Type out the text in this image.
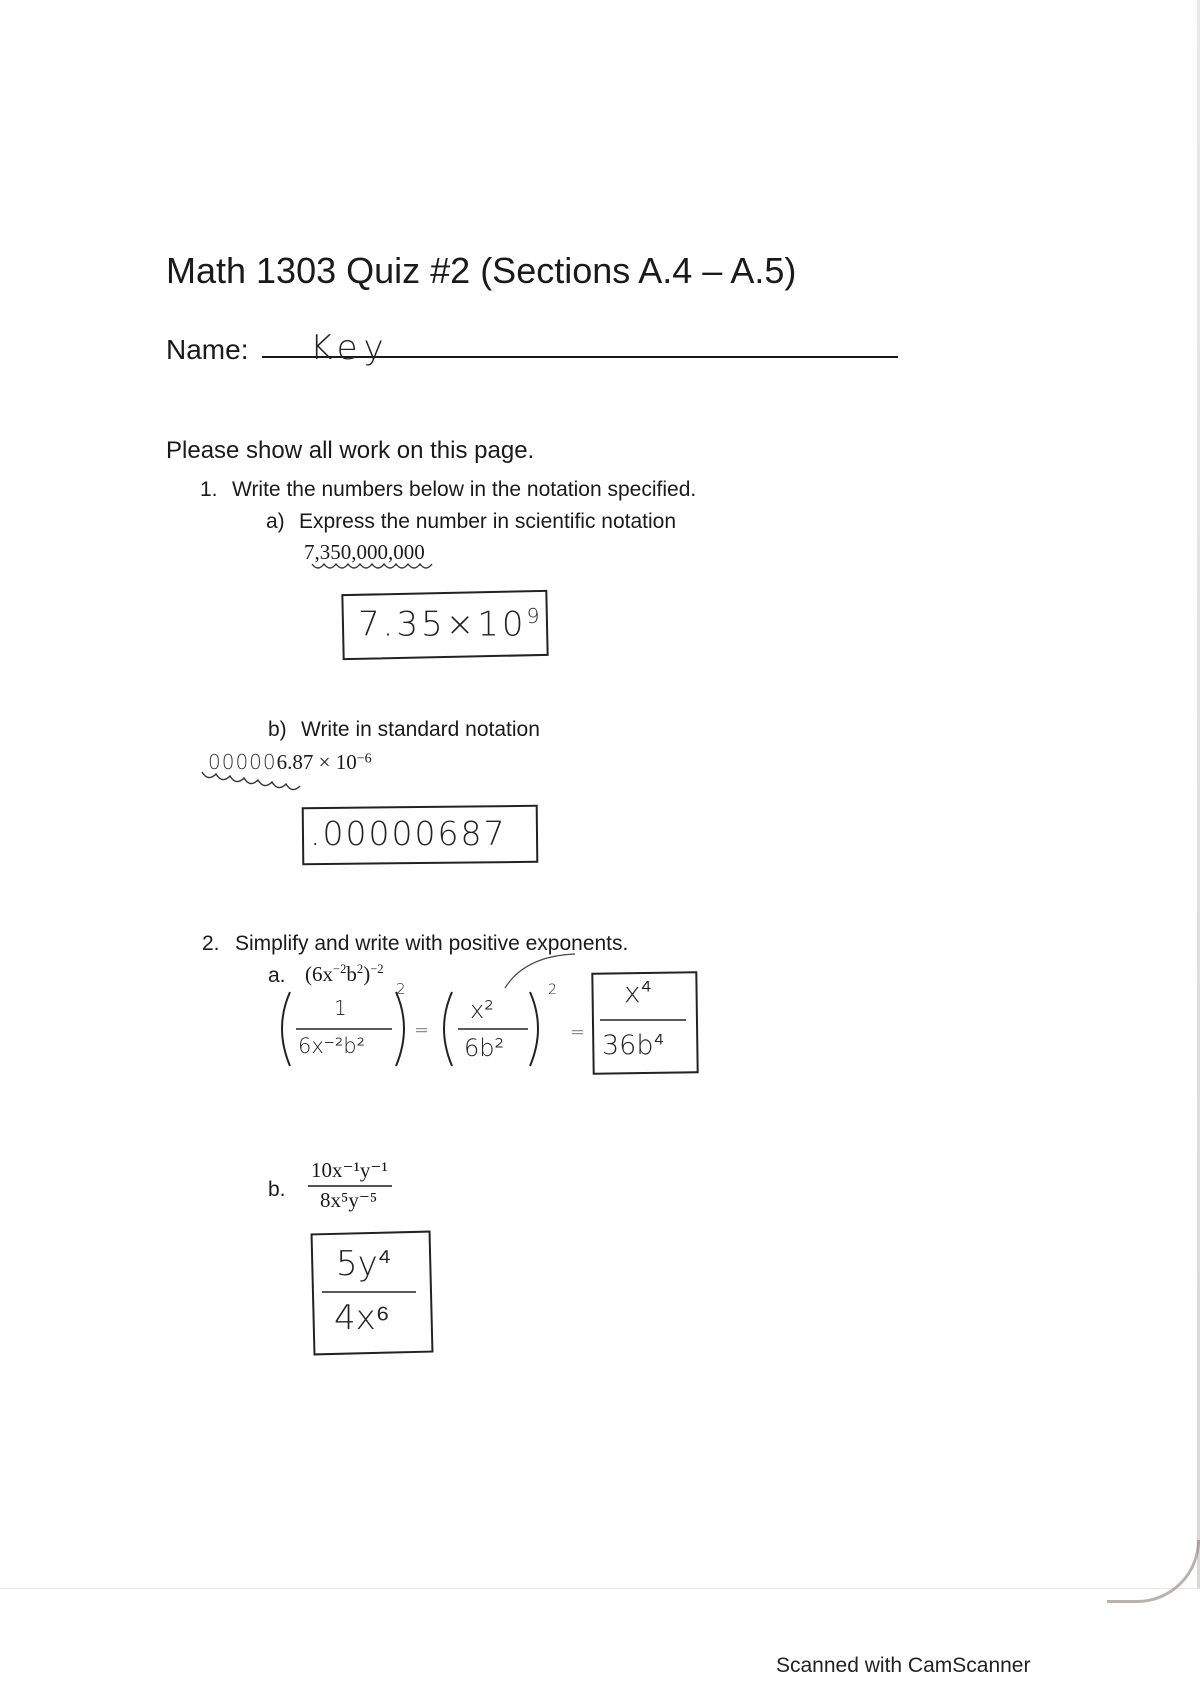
Math 1303 Quiz #2 (Sections A.4 – A.5)
Name: Key
Please show all work on this page.
1. Write the numbers below in the notation specified.
a) Express the number in scientific notation
7,350,000,000
$7.35\times 10^9$
b) Write in standard notation
$000006.87 \times 10^{-6}$
.00000687
2. Simplify and write with positive exponents.
a. $(6x^{-2}b^2)^{-2}$
1
6x⁻²b²
2
=
x²
6b²
2
=
x⁴
36b⁴
b.
10x⁻¹y⁻¹
8x⁵y⁻⁵
5y⁴
4x⁶
Scanned with CamScanner
